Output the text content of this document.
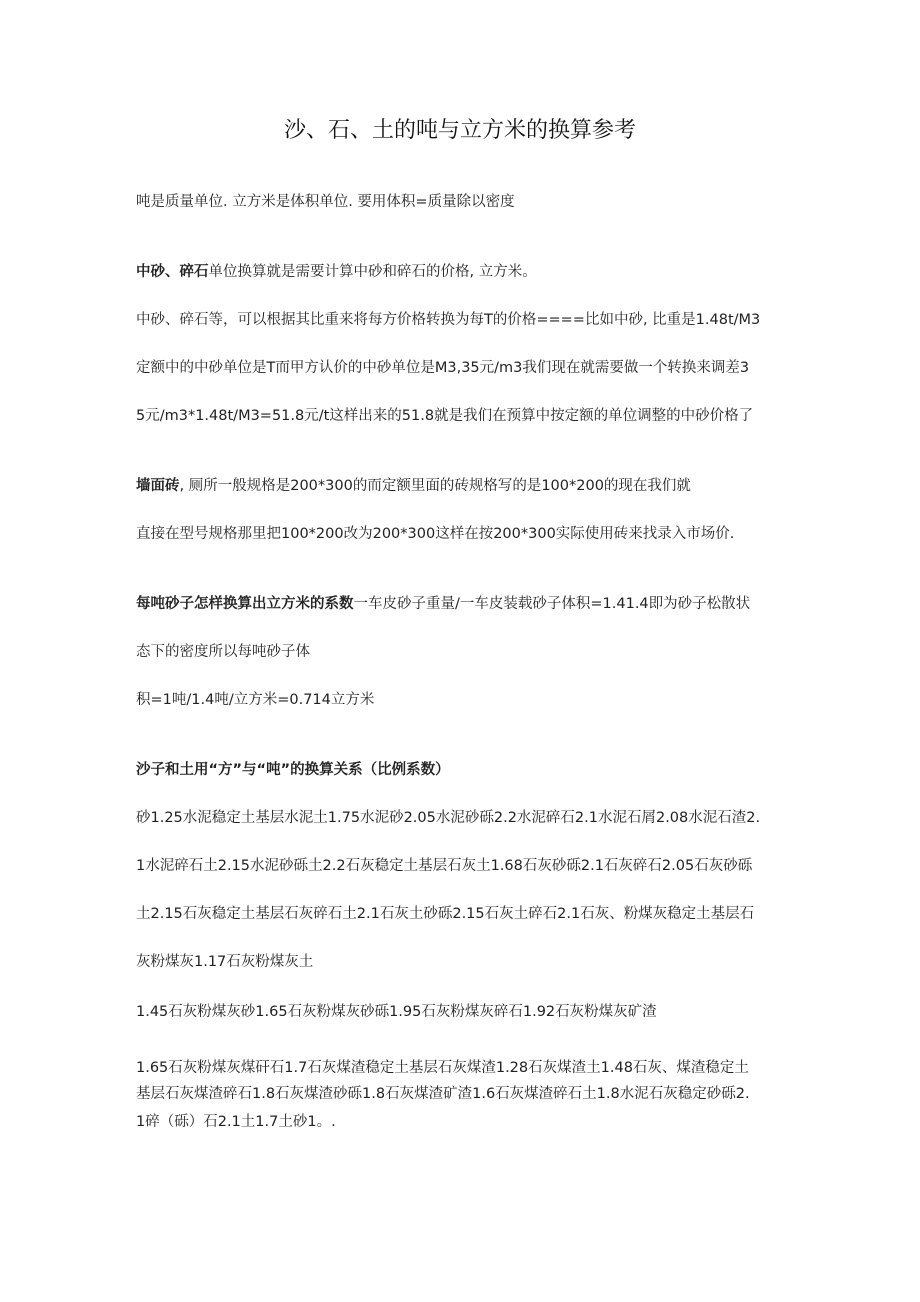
沙、石、土的吨与立方米的换算参考
吨是质量单位. 立方米是体积单位. 要用体积=质量除以密度
中砂、碎石单位换算就是需要计算中砂和碎石的价格, 立方米。
中砂、碎石等，可以根据其比重来将每方价格转换为每T的价格====比如中砂, 比重是1.48t/M3
定额中的中砂单位是T而甲方认价的中砂单位是M3,35元/m3我们现在就需要做一个转换来调差3
5元/m3*1.48t/M3=51.8元/t这样出来的51.8就是我们在预算中按定额的单位调整的中砂价格了
墙面砖, 厕所一般规格是200*300的而定额里面的砖规格写的是100*200的现在我们就
直接在型号规格那里把100*200改为200*300这样在按200*300实际使用砖来找录入市场价.
每吨砂子怎样换算出立方米的系数一车皮砂子重量/一车皮装载砂子体积=1.41.4即为砂子松散状
态下的密度所以每吨砂子体
积=1吨/1.4吨/立方米=0.714立方米
沙子和土用“方”与“吨”的换算关系（比例系数）
砂1.25水泥稳定土基层水泥土1.75水泥砂2.05水泥砂砾2.2水泥碎石2.1水泥石屑2.08水泥石渣2.
1水泥碎石土2.15水泥砂砾土2.2石灰稳定土基层石灰土1.68石灰砂砾2.1石灰碎石2.05石灰砂砾
土2.15石灰稳定土基层石灰碎石土2.1石灰土砂砾2.15石灰土碎石2.1石灰、粉煤灰稳定土基层石
灰粉煤灰1.17石灰粉煤灰土
1.45石灰粉煤灰砂1.65石灰粉煤灰砂砾1.95石灰粉煤灰碎石1.92石灰粉煤灰矿渣
1.65石灰粉煤灰煤矸石1.7石灰煤渣稳定土基层石灰煤渣1.28石灰煤渣土1.48石灰、煤渣稳定土
基层石灰煤渣碎石1.8石灰煤渣砂砾1.8石灰煤渣矿渣1.6石灰煤渣碎石土1.8水泥石灰稳定砂砾2.
1碎（砾）石2.1土1.7土砂1。.
